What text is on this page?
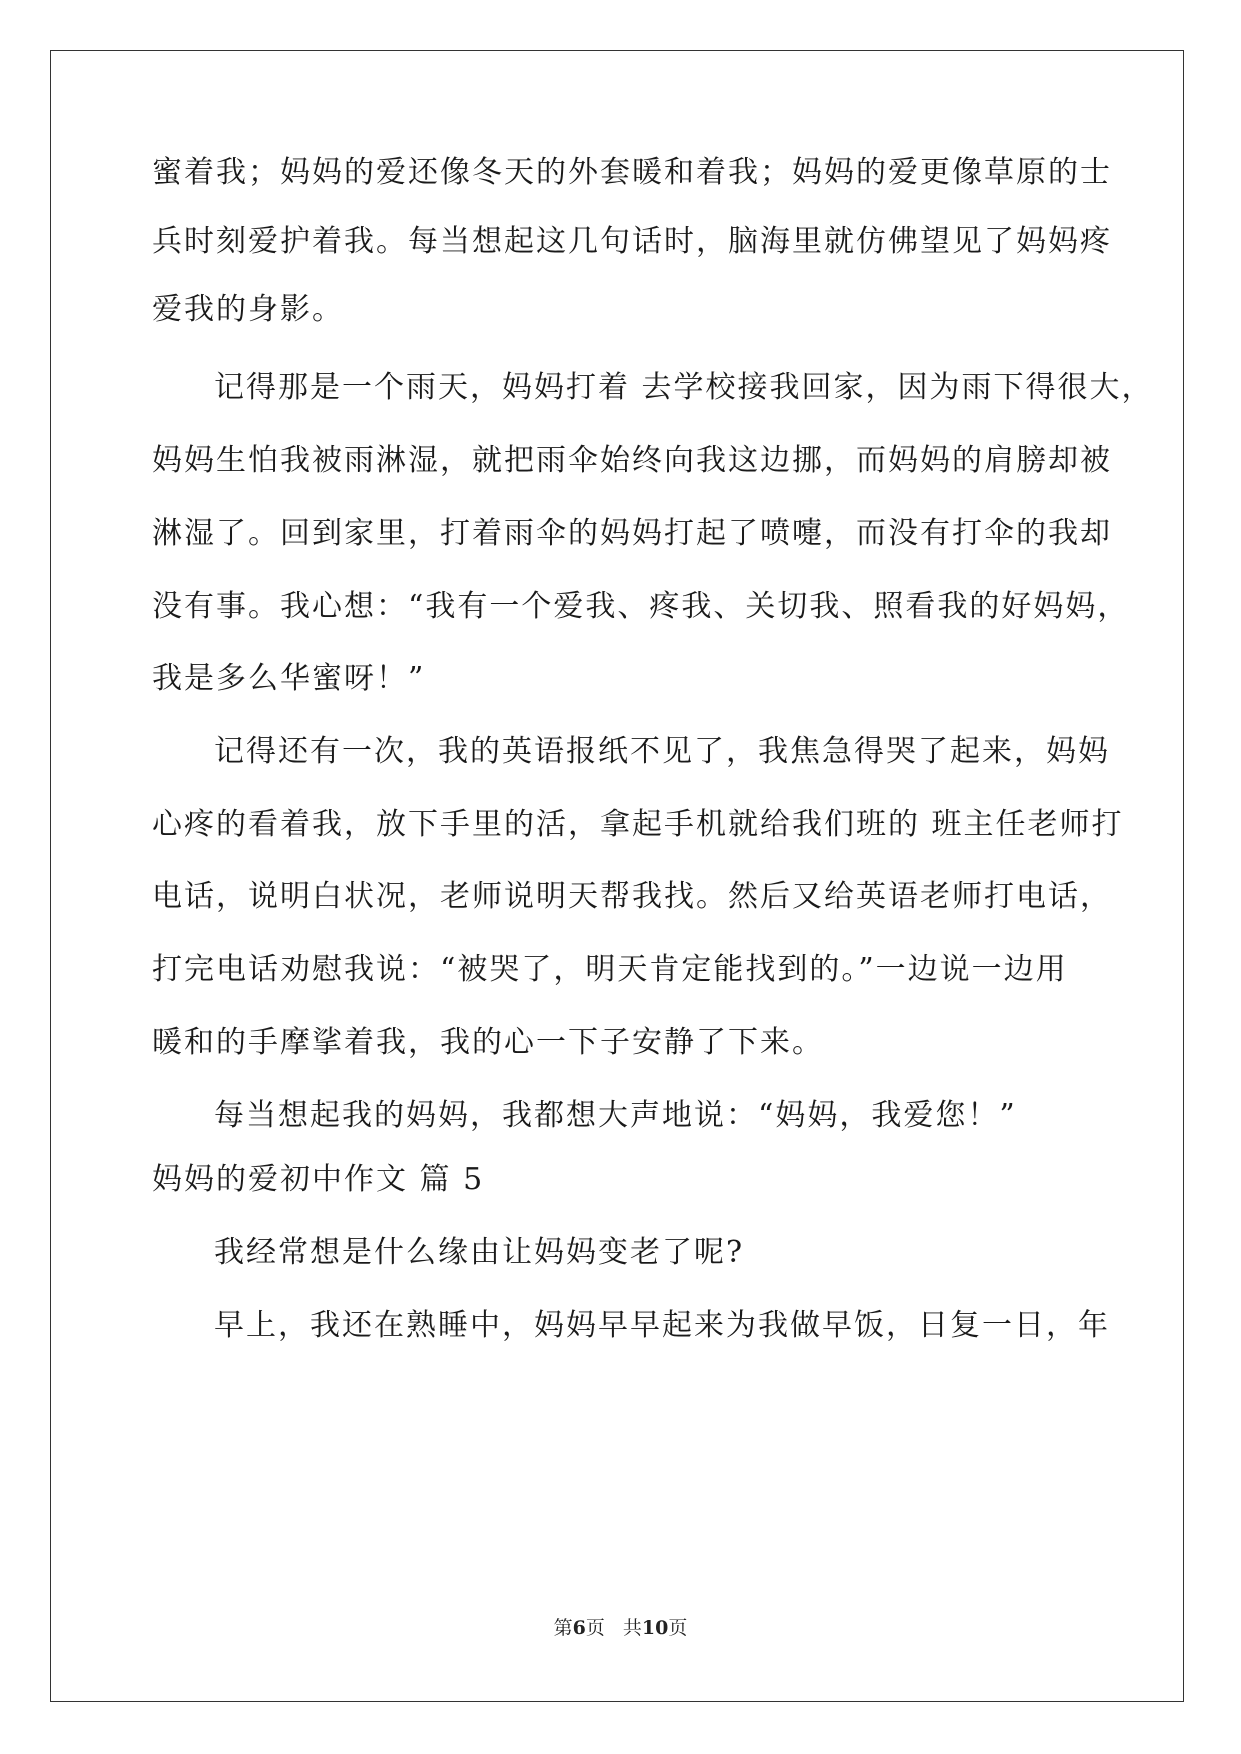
蜜着我；妈妈的爱还像冬天的外套暖和着我；妈妈的爱更像草原的士
兵时刻爱护着我。每当想起这几句话时，脑海里就仿佛望见了妈妈疼
爱我的身影。
记得那是一个雨天，妈妈打着 去学校接我回家，因为雨下得很大，
妈妈生怕我被雨淋湿，就把雨伞始终向我这边挪，而妈妈的肩膀却被
淋湿了。回到家里，打着雨伞的妈妈打起了喷嚏，而没有打伞的我却
没有事。我心想：“我有一个爱我、疼我、关切我、照看我的好妈妈，
我是多么华蜜呀！”
记得还有一次，我的英语报纸不见了，我焦急得哭了起来，妈妈
心疼的看着我，放下手里的活，拿起手机就给我们班的 班主任老师打
电话，说明白状况，老师说明天帮我找。然后又给英语老师打电话，
打完电话劝慰我说：“被哭了，明天肯定能找到的。”一边说一边用
暖和的手摩挲着我，我的心一下子安静了下来。
每当想起我的妈妈，我都想大声地说：“妈妈，我爱您！”
妈妈的爱初中作文 篇 5
我经常想是什么缘由让妈妈变老了呢?
早上，我还在熟睡中，妈妈早早起来为我做早饭，日复一日，年
第6页 共10页
